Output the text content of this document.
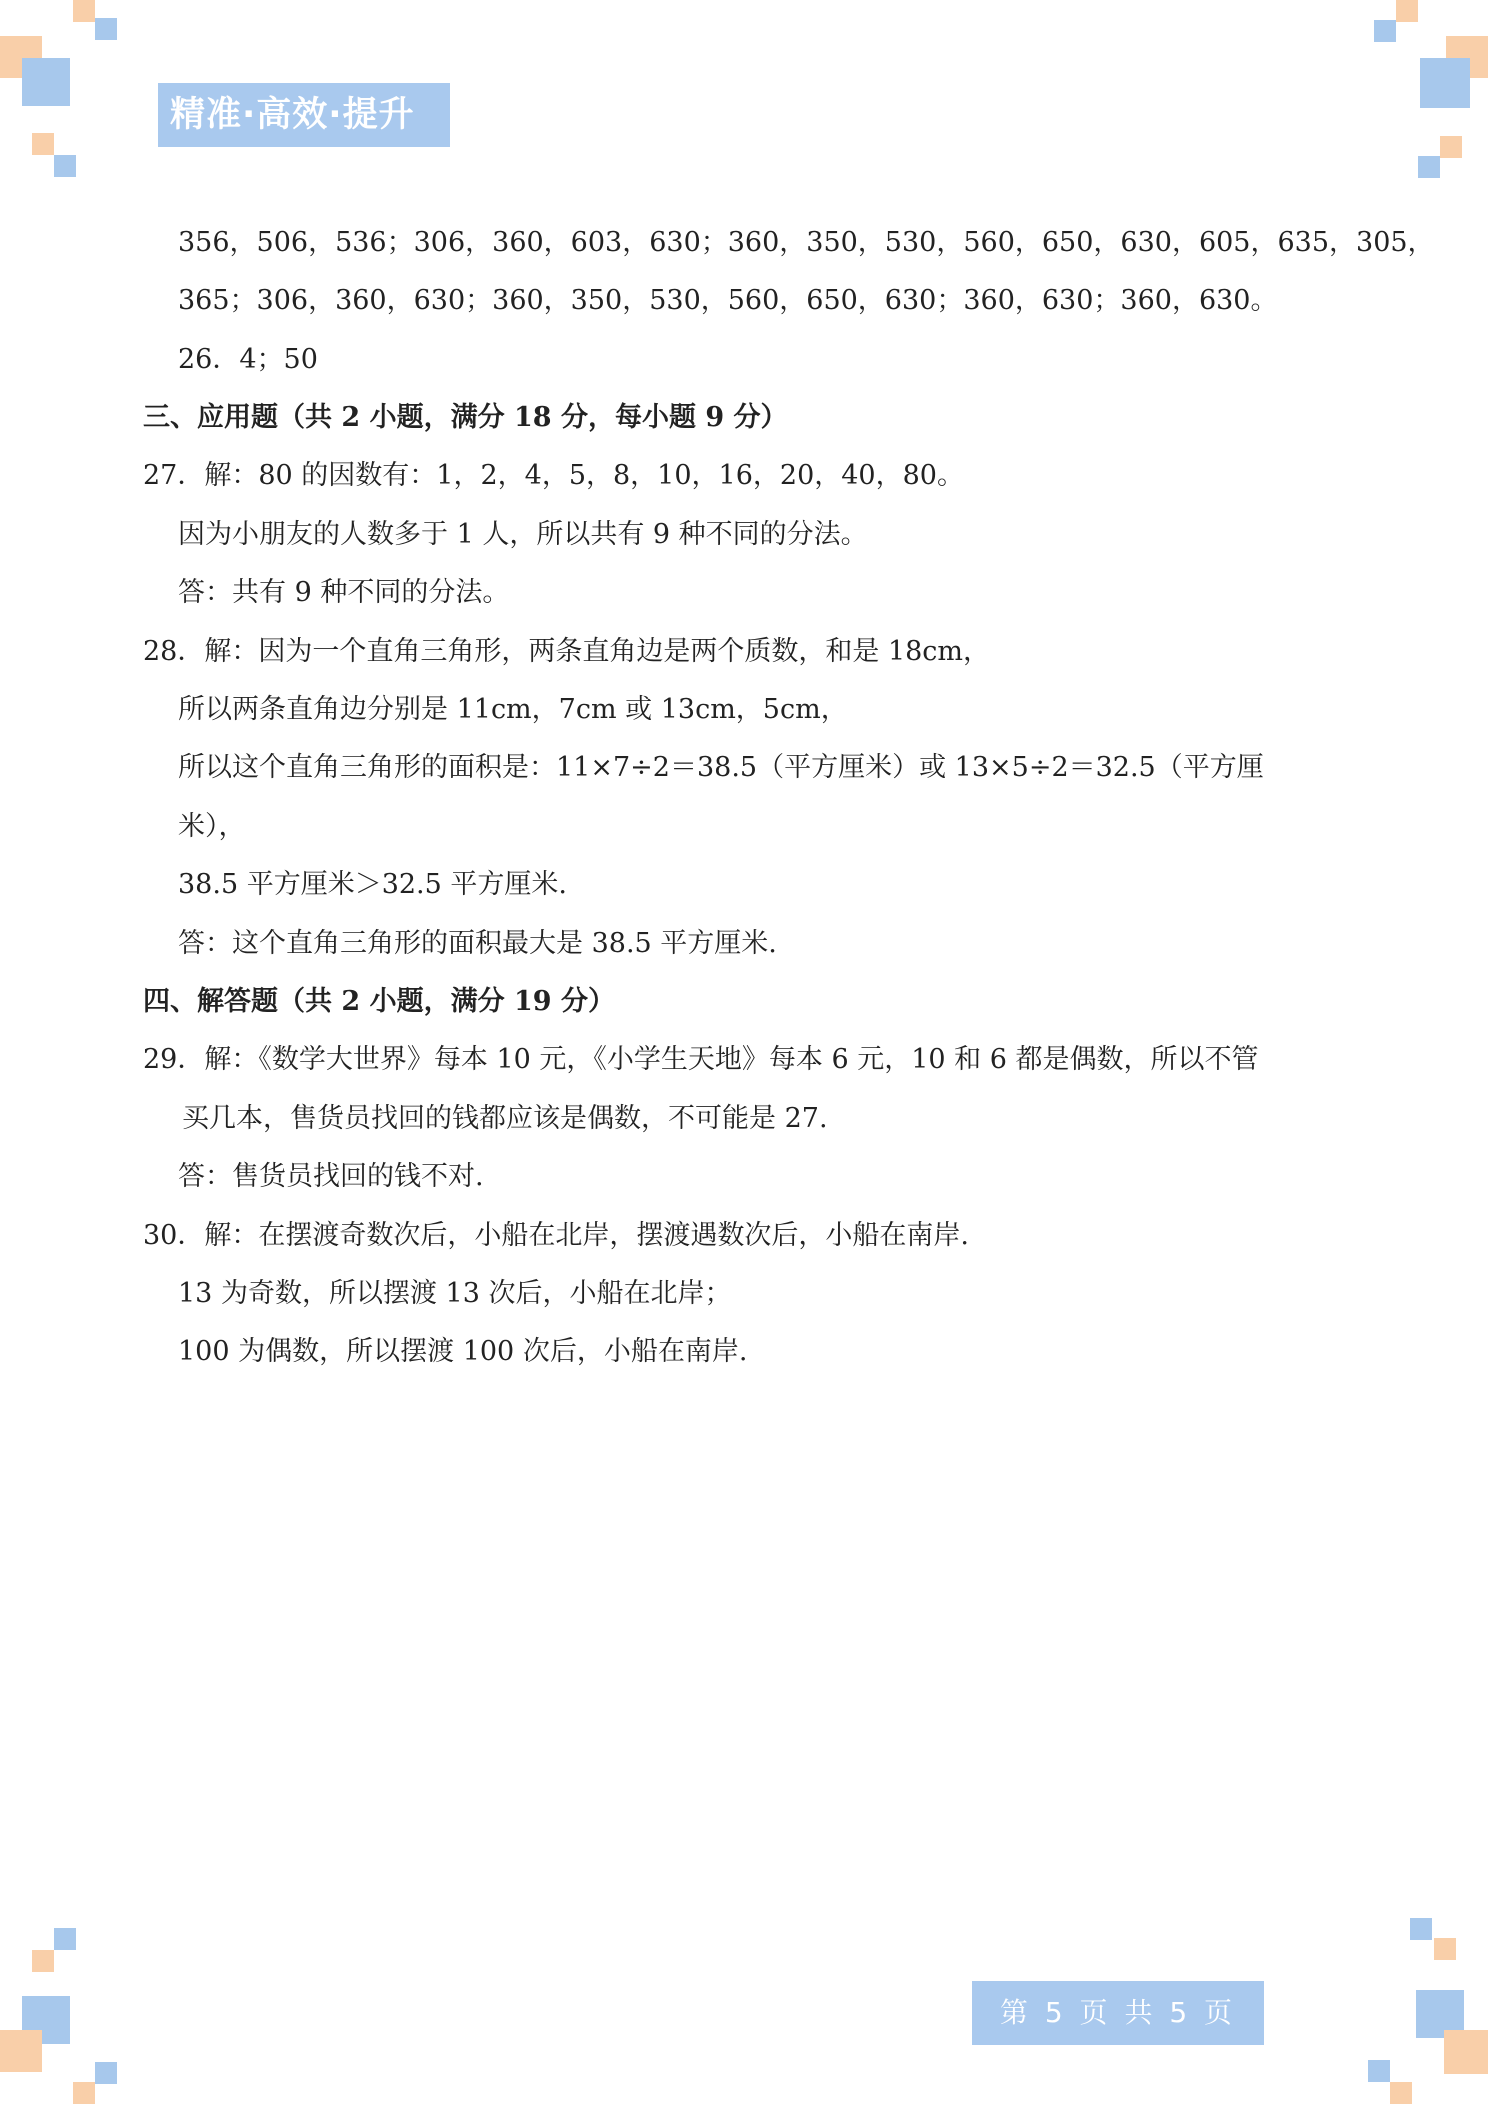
精准·高效·提升
356，506，536；306，360，603，630；360，350，530，560，650，630，605，635，305，
365；306，360，630；360，350，530，560，650，630；360，630；360，630。
26．4；50
三、应用题（共 2 小题，满分 18 分，每小题 9 分）
27．解：80 的因数有：1，2，4，5，8，10，16，20，40，80。
因为小朋友的人数多于 1 人，所以共有 9 种不同的分法。
答：共有 9 种不同的分法。
28．解：因为一个直角三角形，两条直角边是两个质数，和是 18cm，
所以两条直角边分别是 11cm，7cm 或 13cm，5cm，
所以这个直角三角形的面积是：11×7÷2＝38.5（平方厘米）或 13×5÷2＝32.5（平方厘
米），
38.5 平方厘米＞32.5 平方厘米.
答：这个直角三角形的面积最大是 38.5 平方厘米.
四、解答题（共 2 小题，满分 19 分）
29．解：《数学大世界》每本 10 元，《小学生天地》每本 6 元，10 和 6 都是偶数，所以不管
买几本，售货员找回的钱都应该是偶数，不可能是 27.
答：售货员找回的钱不对.
30．解：在摆渡奇数次后，小船在北岸，摆渡遇数次后，小船在南岸.
13 为奇数，所以摆渡 13 次后，小船在北岸；
100 为偶数，所以摆渡 100 次后，小船在南岸.
第 5 页 共 5 页
